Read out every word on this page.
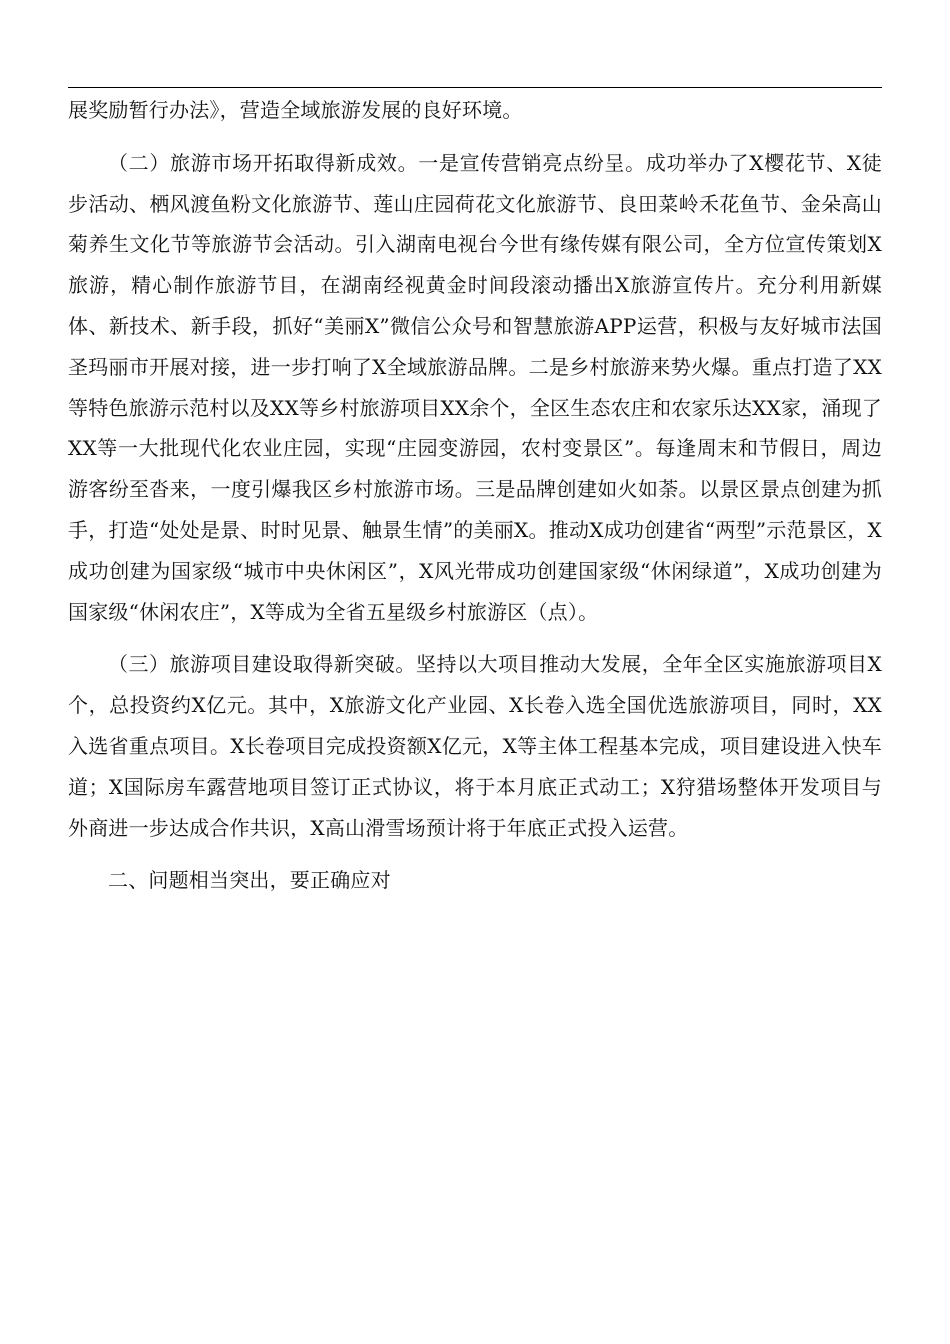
展奖励暂行办法》，营造全域旅游发展的良好环境。

（二）旅游市场开拓取得新成效。一是宣传营销亮点纷呈。成功举办了X樱花节、X徒步活动、栖风渡鱼粉文化旅游节、莲山庄园荷花文化旅游节、良田菜岭禾花鱼节、金朵高山菊养生文化节等旅游节会活动。引入湖南电视台今世有缘传媒有限公司，全方位宣传策划X旅游，精心制作旅游节目，在湖南经视黄金时间段滚动播出X旅游宣传片。充分利用新媒体、新技术、新手段，抓好“美丽X”微信公众号和智慧旅游APP运营，积极与友好城市法国圣玛丽市开展对接，进一步打响了X全域旅游品牌。二是乡村旅游来势火爆。重点打造了XX等特色旅游示范村以及XX等乡村旅游项目XX余个，全区生态农庄和农家乐达XX家，涌现了XX等一大批现代化农业庄园，实现“庄园变游园，农村变景区”。每逢周末和节假日，周边游客纷至沓来，一度引爆我区乡村旅游市场。三是品牌创建如火如荼。以景区景点创建为抓手，打造“处处是景、时时见景、触景生情”的美丽X。推动X成功创建省“两型”示范景区，X成功创建为国家级“城市中央休闲区”，X风光带成功创建国家级“休闲绿道”，X成功创建为国家级“休闲农庄”，X等成为全省五星级乡村旅游区（点）。

（三）旅游项目建设取得新突破。坚持以大项目推动大发展，全年全区实施旅游项目X个，总投资约X亿元。其中，X旅游文化产业园、X长卷入选全国优选旅游项目，同时，XX入选省重点项目。X长卷项目完成投资额X亿元，X等主体工程基本完成，项目建设进入快车道；X国际房车露营地项目签订正式协议，将于本月底正式动工；X狩猎场整体开发项目与外商进一步达成合作共识，X高山滑雪场预计将于年底正式投入运营。

二、问题相当突出，要正确应对
